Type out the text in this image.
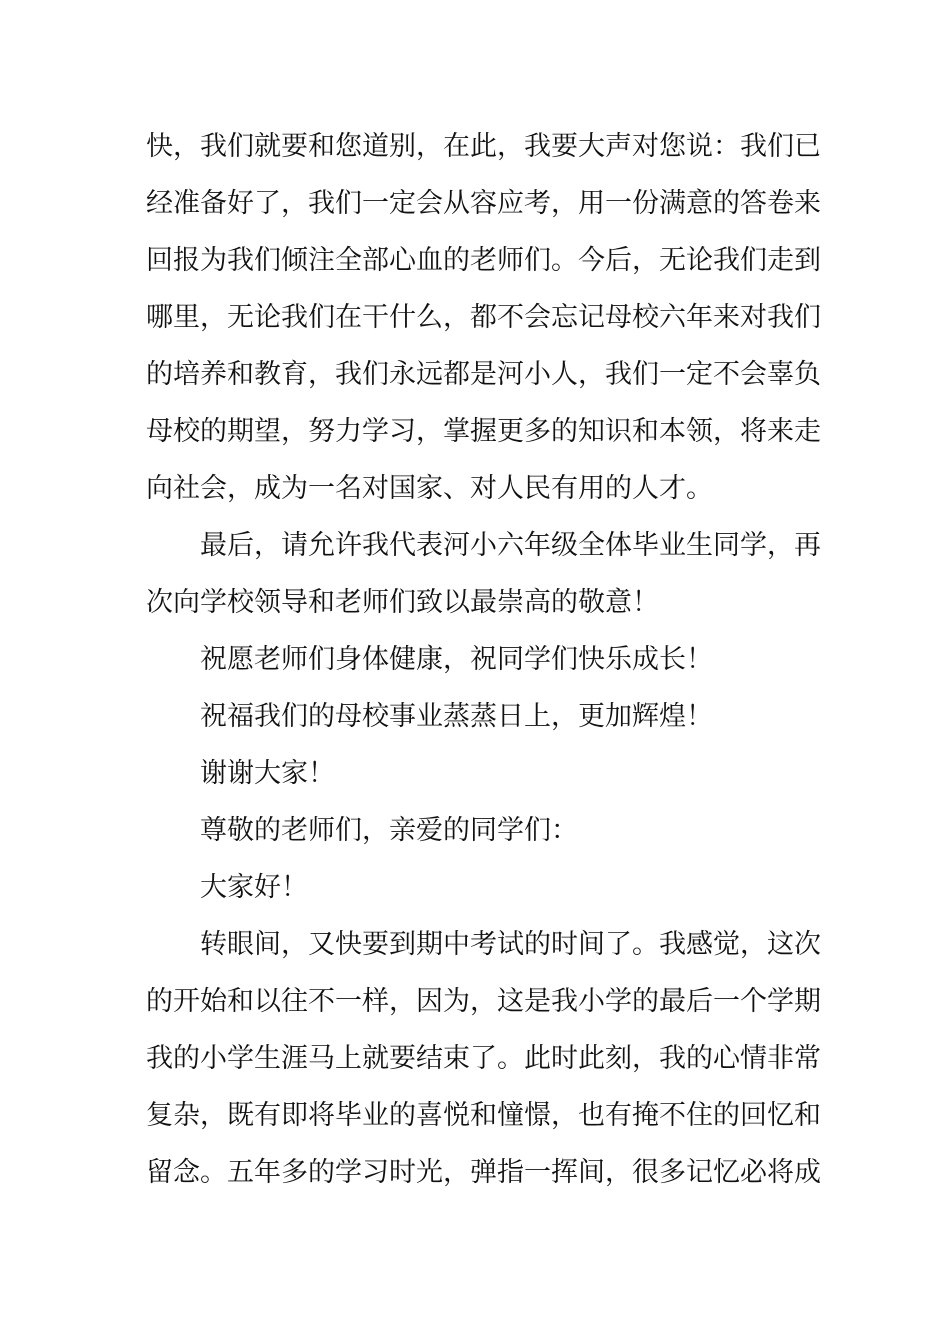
快，我们就要和您道别，在此，我要大声对您说：我们已
经准备好了，我们一定会从容应考，用一份满意的答卷来
回报为我们倾注全部心血的老师们。今后，无论我们走到
哪里，无论我们在干什么，都不会忘记母校六年来对我们
的培养和教育，我们永远都是河小人，我们一定不会辜负
母校的期望，努力学习，掌握更多的知识和本领，将来走
向社会，成为一名对国家、对人民有用的人才。
最后，请允许我代表河小六年级全体毕业生同学，再
次向学校领导和老师们致以最崇高的敬意！
祝愿老师们身体健康，祝同学们快乐成长！
祝福我们的母校事业蒸蒸日上，更加辉煌！
谢谢大家！
尊敬的老师们，亲爱的同学们：
大家好！
转眼间，又快要到期中考试的时间了。我感觉，这次
的开始和以往不一样，因为，这是我小学的最后一个学期
我的小学生涯马上就要结束了。此时此刻，我的心情非常
复杂，既有即将毕业的喜悦和憧憬，也有掩不住的回忆和
留念。五年多的学习时光，弹指一挥间，很多记忆必将成
